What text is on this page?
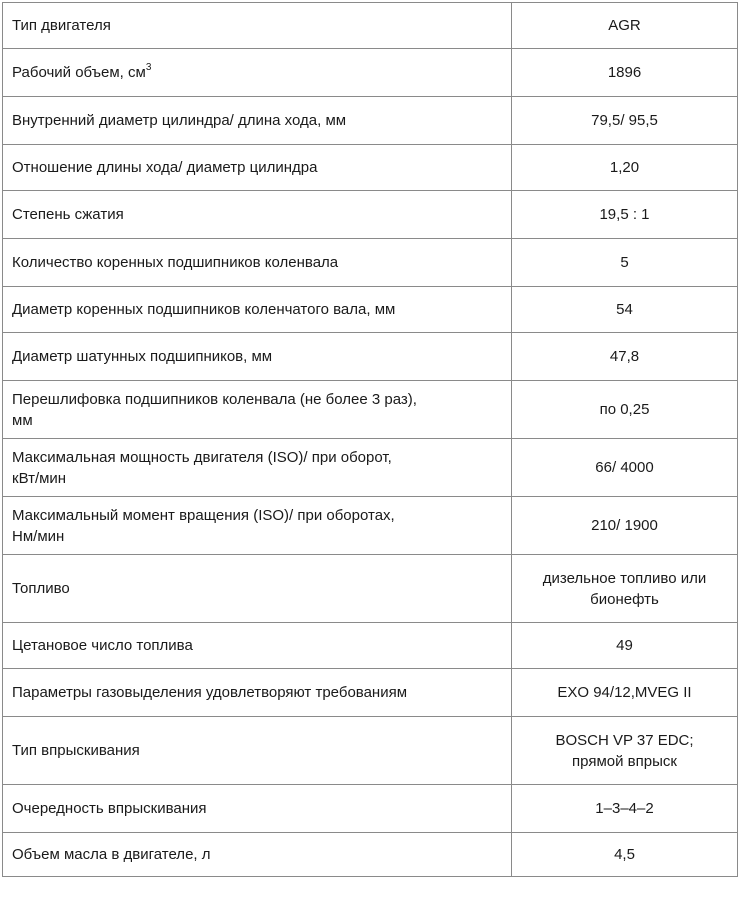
Тип двигателя	AGR
Рабочий объем, $см^3$	1896
Внутренний диаметр цилиндра/ длина хода, мм	79,5/ 95,5
Отношение длины хода/ диаметр цилиндра	1,20
Степень сжатия	19,5 : 1
Количество коренных подшипников коленвала	5
Диаметр коренных подшипников коленчатого вала, мм	54
Диаметр шатунных подшипников, мм	47,8

Перешлифовка подшипников коленвала (не более 3 раз),
мм	по 0,25

Максимальная мощность двигателя (ISO)/ при оборот,
кВт/мин	66/ 4000

Максимальный момент вращения (ISO)/ при оборотах,
Нм/мин	210/ 1900
Топливо	дизельное топливо или
бионефть

Цетановое число топлива	49
Параметры газовыделения удовлетворяют требованиям	EXO 94/12,MVEG II
Тип впрыскивания	BOSCH VP 37 EDC;
прямой впрыск

Очередность впрыскивания	1–3–4–2
Объем масла в двигателе, л	4,5
